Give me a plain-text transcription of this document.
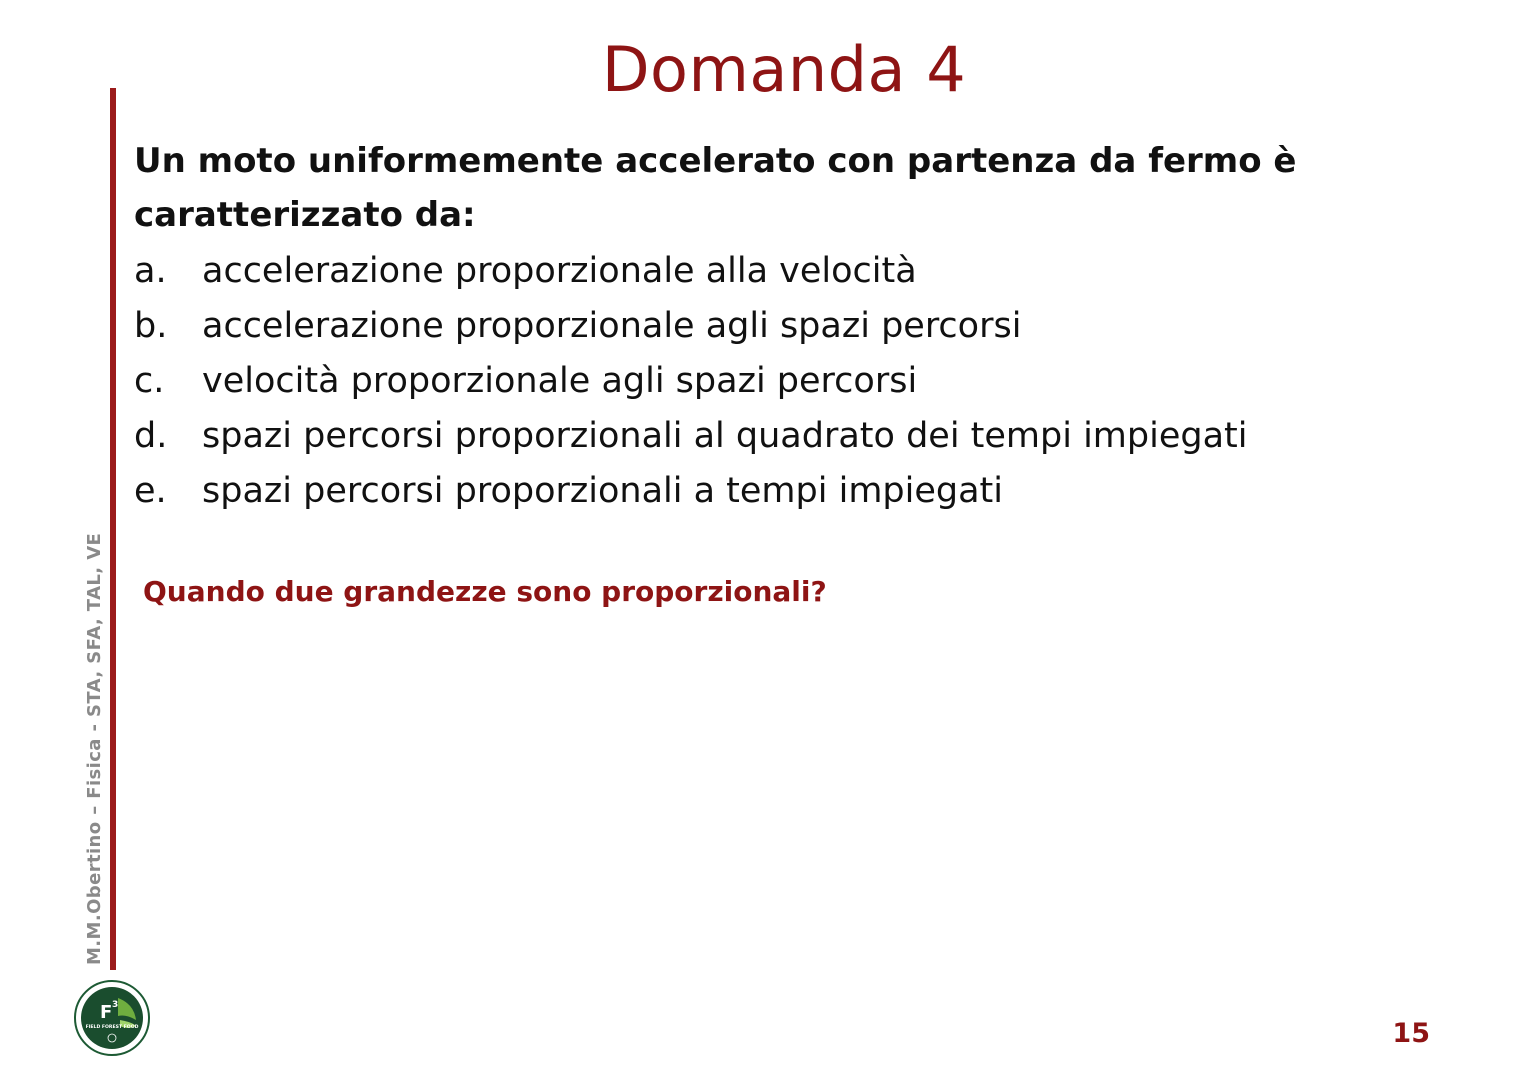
Domanda 4
M.M.Obertino – Fisica - STA, SFA, TAL, VE
Un moto uniformemente accelerato con partenza da fermo è caratterizzato da:
a.	accelerazione proporzionale alla velocità
b. accelerazione proporzionale agli spazi percorsi
c.	velocità proporzionale agli spazi percorsi
d. spazi percorsi proporzionali al quadrato dei tempi impiegati
e.	spazi percorsi proporzionali a tempi impiegati
Quando due grandezze sono proporzionali?
F 3
FIELD FOREST FOOD	15
